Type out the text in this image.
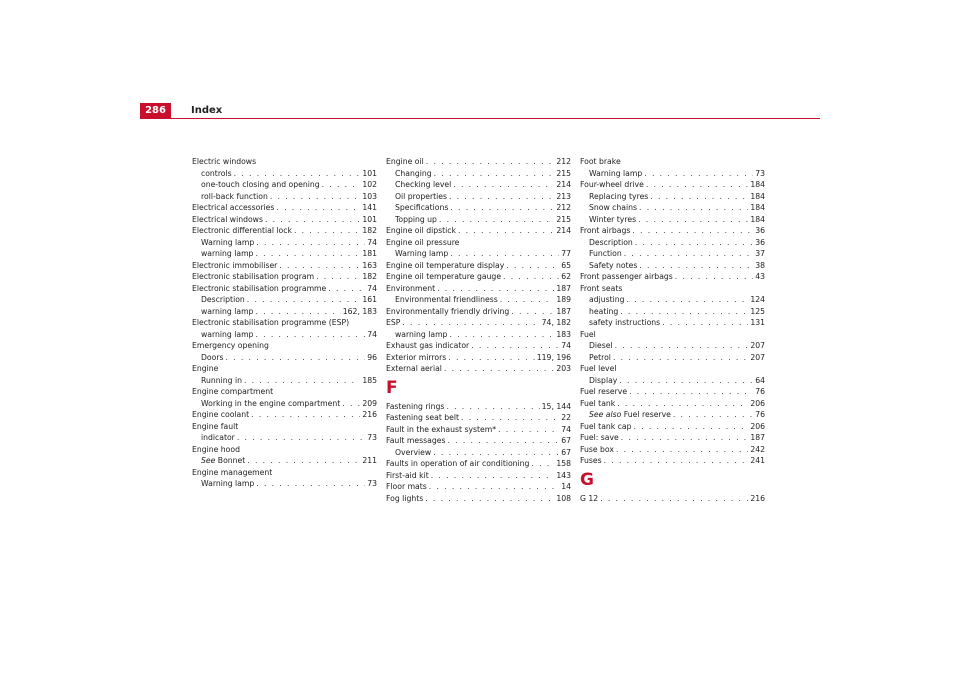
286	Index
Electric windows
controls . . .	101
one-touch closing and opening . . .	102
roll-back function . . .	103
Electrical accessories . . .	141
Electrical windows . . .	101
Electronic differential lock . . .	182
Warning lamp . . .	74
warning lamp . . .	181
Electronic immobiliser . . .	163
Electronic stabilisation program . . .	182
Electronic stabilisation programme . . .	74
Description . . .	161
warning lamp . . .	162, 183
Electronic stabilisation programme (ESP)
warning lamp . . .	74
Emergency opening
Doors . . .	96
Engine
Running in . . .	185
Engine compartment
Working in the engine compartment . . .	209
Engine coolant . . .	216
Engine fault
indicator . . .	73
Engine hood
See Bonnet . . .	211
Engine management
Warning lamp . . .	73
Engine oil . . .	212
Changing . . .	215
Checking level . . .	214
Oil properties . . .	213
Specifications . . .	212
Topping up . . .	215
Engine oil dipstick . . .	214
Engine oil pressure
Warning lamp . . .	77
Engine oil temperature display . . .	65
Engine oil temperature gauge . . .	62
Environment . . .	187
Environmental friendliness . . .	189
Environmentally friendly driving . . .	187
ESP . . .	74, 182
warning lamp . . .	183
Exhaust gas indicator . . .	74
Exterior mirrors . . .	119, 196
External aerial . . .	203
F
Fastening rings . . .	15, 144
Fastening seat belt . . .	22
Fault in the exhaust system* . . .	74
Fault messages . . .	67
Overview . . .	67
Faults in operation of air conditioning . . .	158
First-aid kit . . .	143
Floor mats . . .	14
Fog lights . . .	108
Foot brake
Warning lamp . . .	73
Four-wheel drive . . .	184
Replacing tyres . . .	184
Snow chains . . .	184
Winter tyres . . .	184
Front airbags . . .	36
Description . . .	36
Function . . .	37
Safety notes . . .	38
Front passenger airbags . . .	43
Front seats
adjusting . . .	124
heating . . .	125
safety instructions . . .	131
Fuel
Diesel . . .	207
Petrol . . .	207
Fuel level
Display . . .	64
Fuel reserve . . .	76
Fuel tank . . .	206
See also Fuel reserve . . .	76
Fuel tank cap . . .	206
Fuel: save . . .	187
Fuse box . . .	242
Fuses . . .	241
G
G 12 . . .	216
